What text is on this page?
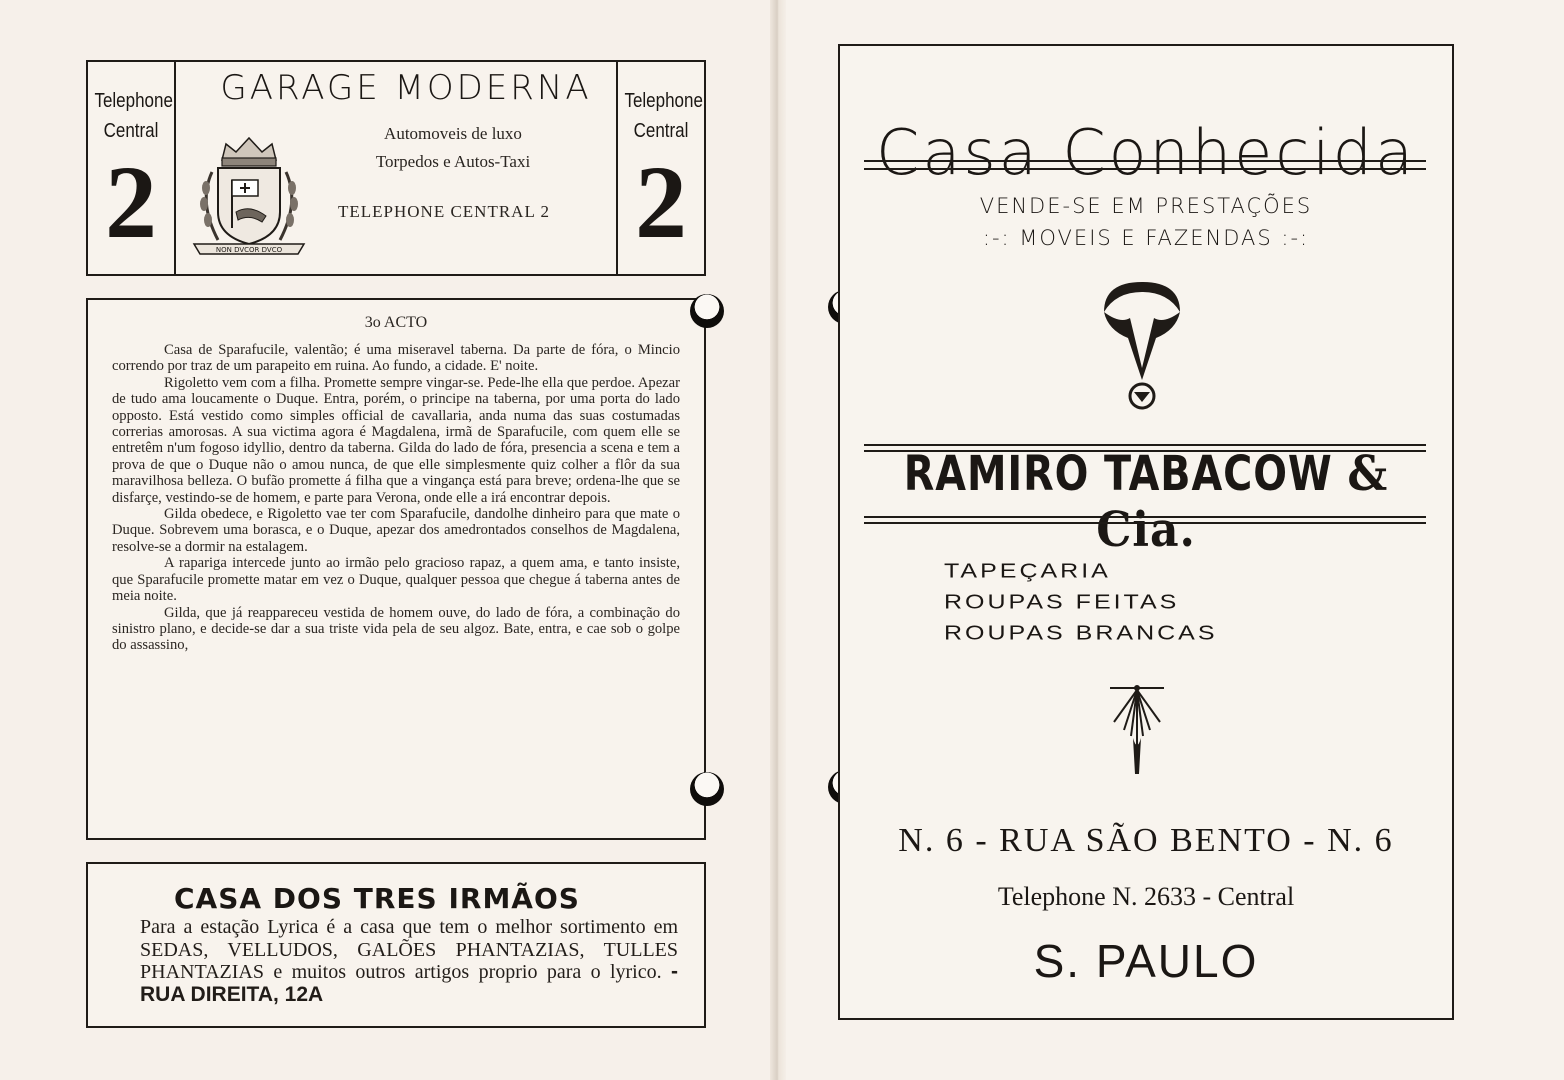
Telephone
Central
2	NON DVCOR DVCO
GARAGE MODERNA
Automoveis de luxo
Torpedos e Autos-Taxi
TELEPHONE CENTRAL 2
Telephone
Central
2
3o ACTO

Casa de Sparafucile, valentão; é uma miseravel taberna. Da parte de fóra, o Mincio correndo por traz de um parapeito em ruina. Ao fundo, a cidade. E' noite.

Rigoletto vem com a filha. Promette sempre vingar-se. Pede-lhe ella que perdoe. Apezar de tudo ama loucamente o Duque. Entra, porém, o principe na taberna, por uma porta do lado opposto. Está vestido como simples official de cavallaria, anda numa das suas costumadas correrias amorosas. A sua victima agora é Magdalena, irmã de Sparafucile, com quem elle se entretêm n'um fogoso idyllio, dentro da taberna. Gilda do lado de fóra, presencia a scena e tem a prova de que o Duque não o amou nunca, de que elle simplesmente quiz colher a flôr da sua maravilhosa belleza. O bufão promette á filha que a vingança está para breve; ordena-lhe que se disfarçe, vestindo-se de homem, e parte para Verona, onde elle a irá encontrar depois.

Gilda obedece, e Rigoletto vae ter com Sparafucile, dandolhe dinheiro para que mate o Duque. Sobrevem uma borasca, e o Duque, apezar dos amedrontados conselhos de Magdalena, resolve-se a dormir na estalagem.

A rapariga intercede junto ao irmão pelo gracioso rapaz, a quem ama, e tanto insiste, que Sparafucile promette matar em vez o Duque, qualquer pessoa que chegue á taberna antes de meia noite.

Gilda, que já reappareceu vestida de homem ouve, do lado de fóra, a combinação do sinistro plano, e decide-se dar a sua triste vida pela de seu algoz. Bate, entra, e cae sob o golpe do assassino,

CASA DOS TRES IRMÃOS
Para a estação Lyrica é a casa que tem o melhor sortimento em SEDAS, VELLUDOS, GALÕES PHANTAZIAS, TULLES PHANTAZIAS e muitos outros artigos proprio para o lyrico. - RUA DIREITA, 12A
Casa Conhecida
VENDE-SE EM PRESTAÇÕES
:-: MOVEIS E FAZENDAS :-:
RAMIRO TABACOW & Cia.
TAPEÇARIA
ROUPAS FEITAS
ROUPAS BRANCAS
N. 6 - RUA SÃO BENTO - N. 6
Telephone N. 2633 - Central
S. PAULO
